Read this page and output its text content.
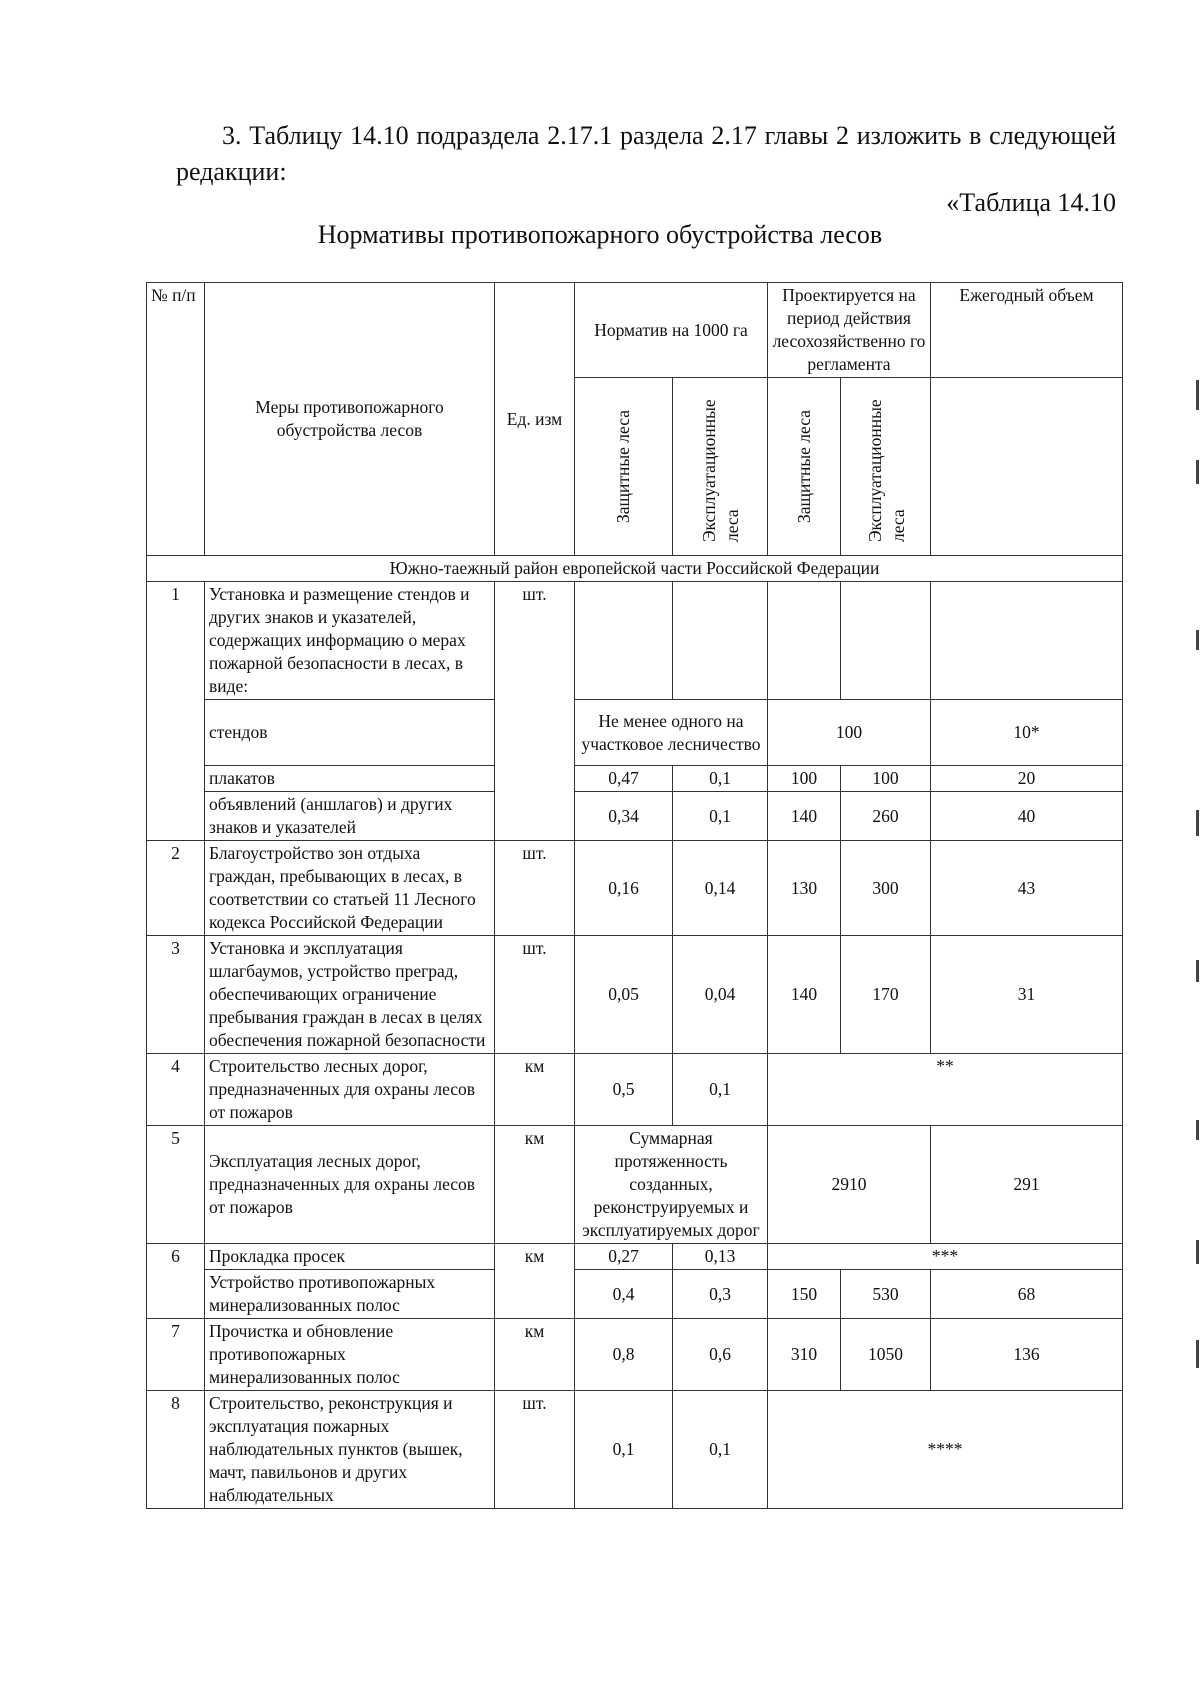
3. Таблицу 14.10 подраздела 2.17.1 раздела 2.17 главы 2 изложить в следующей редакции:
«Таблица 14.10
Нормативы противопожарного обустройства лесов
№ п/п	Меры противопожарного обустройства лесов	Ед. изм	Норматив на 1000 га		Проектируется на период действия лесохозяйственно го регламента		Ежегодный объем

			Защитные леса	Эксплуатационные леса	Защитные леса	Эксплуатационные леса	

Южно-таежный район европейской части Российской Федерации							
1	Установка и размещение стендов и других знаков и указателей, содержащих информацию о мерах пожарной безопасности в лесах, в виде:	шт.					
	стендов		Не менее одного на участковое лесничество		100		10*
	плакатов		0,47	0,1	100	100	20
	объявлений (аншлагов) и других знаков и указателей		0,34	0,1	140	260	40
2	Благоустройство зон отдыха граждан, пребывающих в лесах, в соответствии со статьей 11 Лесного кодекса Российской Федерации	шт.	0,16	0,14	130	300	43
3	Установка и эксплуатация шлагбаумов, устройство преград, обеспечивающих ограничение пребывания граждан в лесах в целях обеспечения пожарной безопасности	шт.	0,05	0,04	140	170	31
4	Строительство лесных дорог, предназначенных для охраны лесов от пожаров	км	0,5	0,1	**		
5	Эксплуатация лесных дорог, предназначенных для охраны лесов от пожаров	км	Суммарная протяженность созданных, реконструируемых и эксплуатируемых дорог		2910		291
6	Прокладка просек	км	0,27	0,13	***		
	Устройство противопожарных минерализованных полос		0,4	0,3	150	530	68
7	Прочистка и обновление противопожарных минерализованных полос	км	0,8	0,6	310	1050	136
8	Строительство, реконструкция и эксплуатация пожарных наблюдательных пунктов (вышек, мачт, павильонов и других наблюдательных	шт.	0,1	0,1	****		
